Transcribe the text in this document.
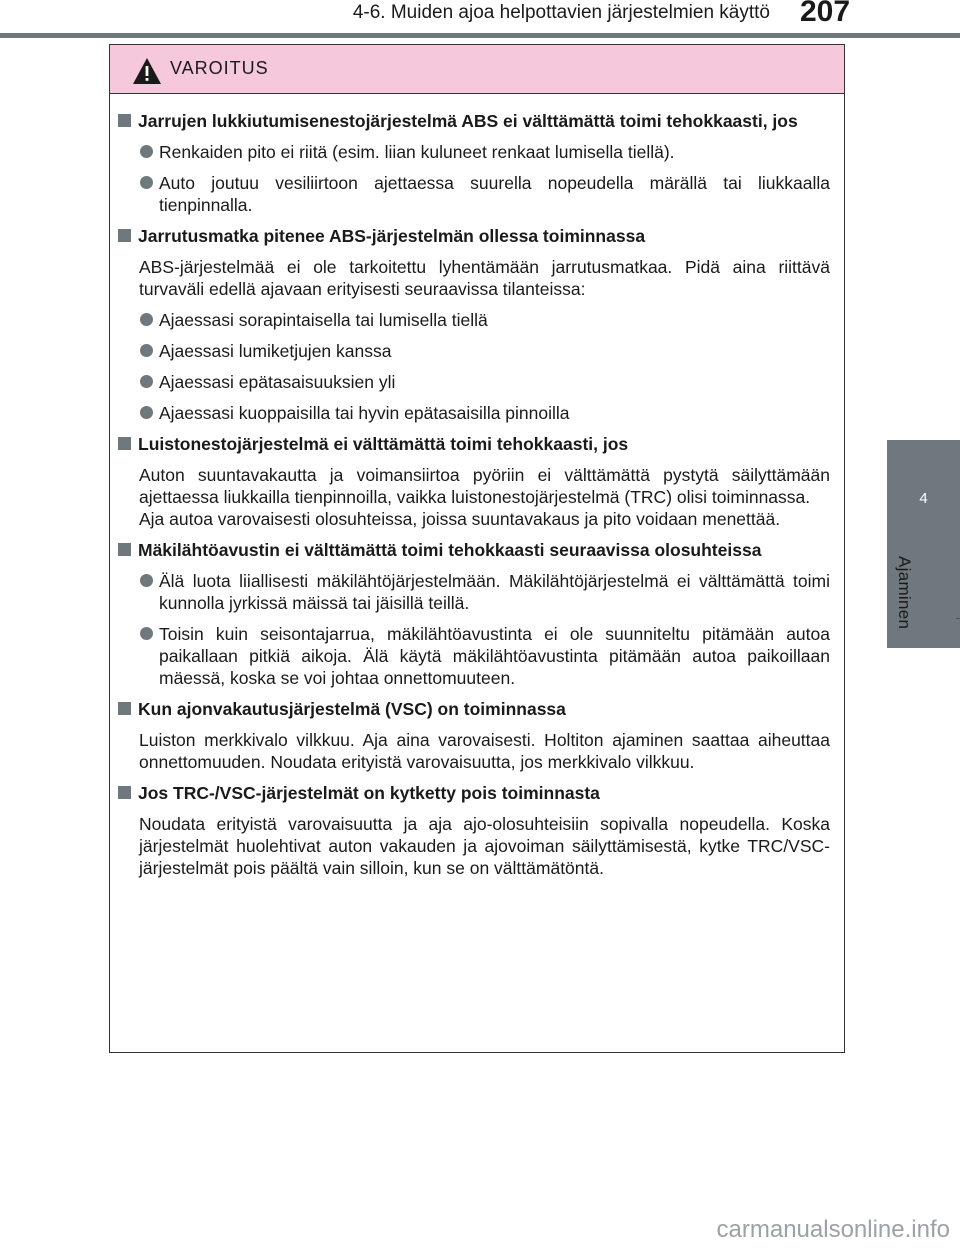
4-6. Muiden ajoa helpottavien järjestelmien käyttö 207
4
Ajaminen
VAROITUS
Jarrujen lukkiutumisenestojärjestelmä ABS ei välttämättä toimi tehokkaasti, jos
Renkaiden pito ei riitä (esim. liian kuluneet renkaat lumisella tiellä).
Auto joutuu vesiliirtoon ajettaessa suurella nopeudella märällä tai liukkaalla tienpinnalla.
Jarrutusmatka pitenee ABS-järjestelmän ollessa toiminnassa
ABS-järjestelmää ei ole tarkoitettu lyhentämään jarrutusmatkaa. Pidä aina riittävä turvaväli edellä ajavaan erityisesti seuraavissa tilanteissa:
Ajaessasi sorapintaisella tai lumisella tiellä
Ajaessasi lumiketjujen kanssa
Ajaessasi epätasaisuuksien yli
Ajaessasi kuoppaisilla tai hyvin epätasaisilla pinnoilla
Luistonestojärjestelmä ei välttämättä toimi tehokkaasti, jos
Auton suuntavakautta ja voimansiirtoa pyöriin ei välttämättä pystytä säilyttämään ajettaessa liukkailla tienpinnoilla, vaikka luistonestojärjestelmä (TRC) olisi toiminnassa.
Aja autoa varovaisesti olosuhteissa, joissa suuntavakaus ja pito voidaan menettää.
Mäkilähtöavustin ei välttämättä toimi tehokkaasti seuraavissa olosuhteissa
Älä luota liiallisesti mäkilähtöjärjestelmään. Mäkilähtöjärjestelmä ei välttämättä toimi kunnolla jyrkissä mäissä tai jäisillä teillä.
Toisin kuin seisontajarrua, mäkilähtöavustinta ei ole suunniteltu pitämään autoa paikallaan pitkiä aikoja. Älä käytä mäkilähtöavustinta pitämään autoa paikoillaan mäessä, koska se voi johtaa onnettomuuteen.
Kun ajonvakautusjärjestelmä (VSC) on toiminnassa
Luiston merkkivalo vilkkuu. Aja aina varovaisesti. Holtiton ajaminen saattaa aiheuttaa onnettomuuden. Noudata erityistä varovaisuutta, jos merkkivalo vilkkuu.
Jos TRC-/VSC-järjestelmät on kytketty pois toiminnasta
Noudata erityistä varovaisuutta ja aja ajo-olosuhteisiin sopivalla nopeudella. Koska järjestelmät huolehtivat auton vakauden ja ajovoiman säilyttämisestä, kytke TRC/VSC-järjestelmät pois päältä vain silloin, kun se on välttämätöntä.
carmanualsonline.info
